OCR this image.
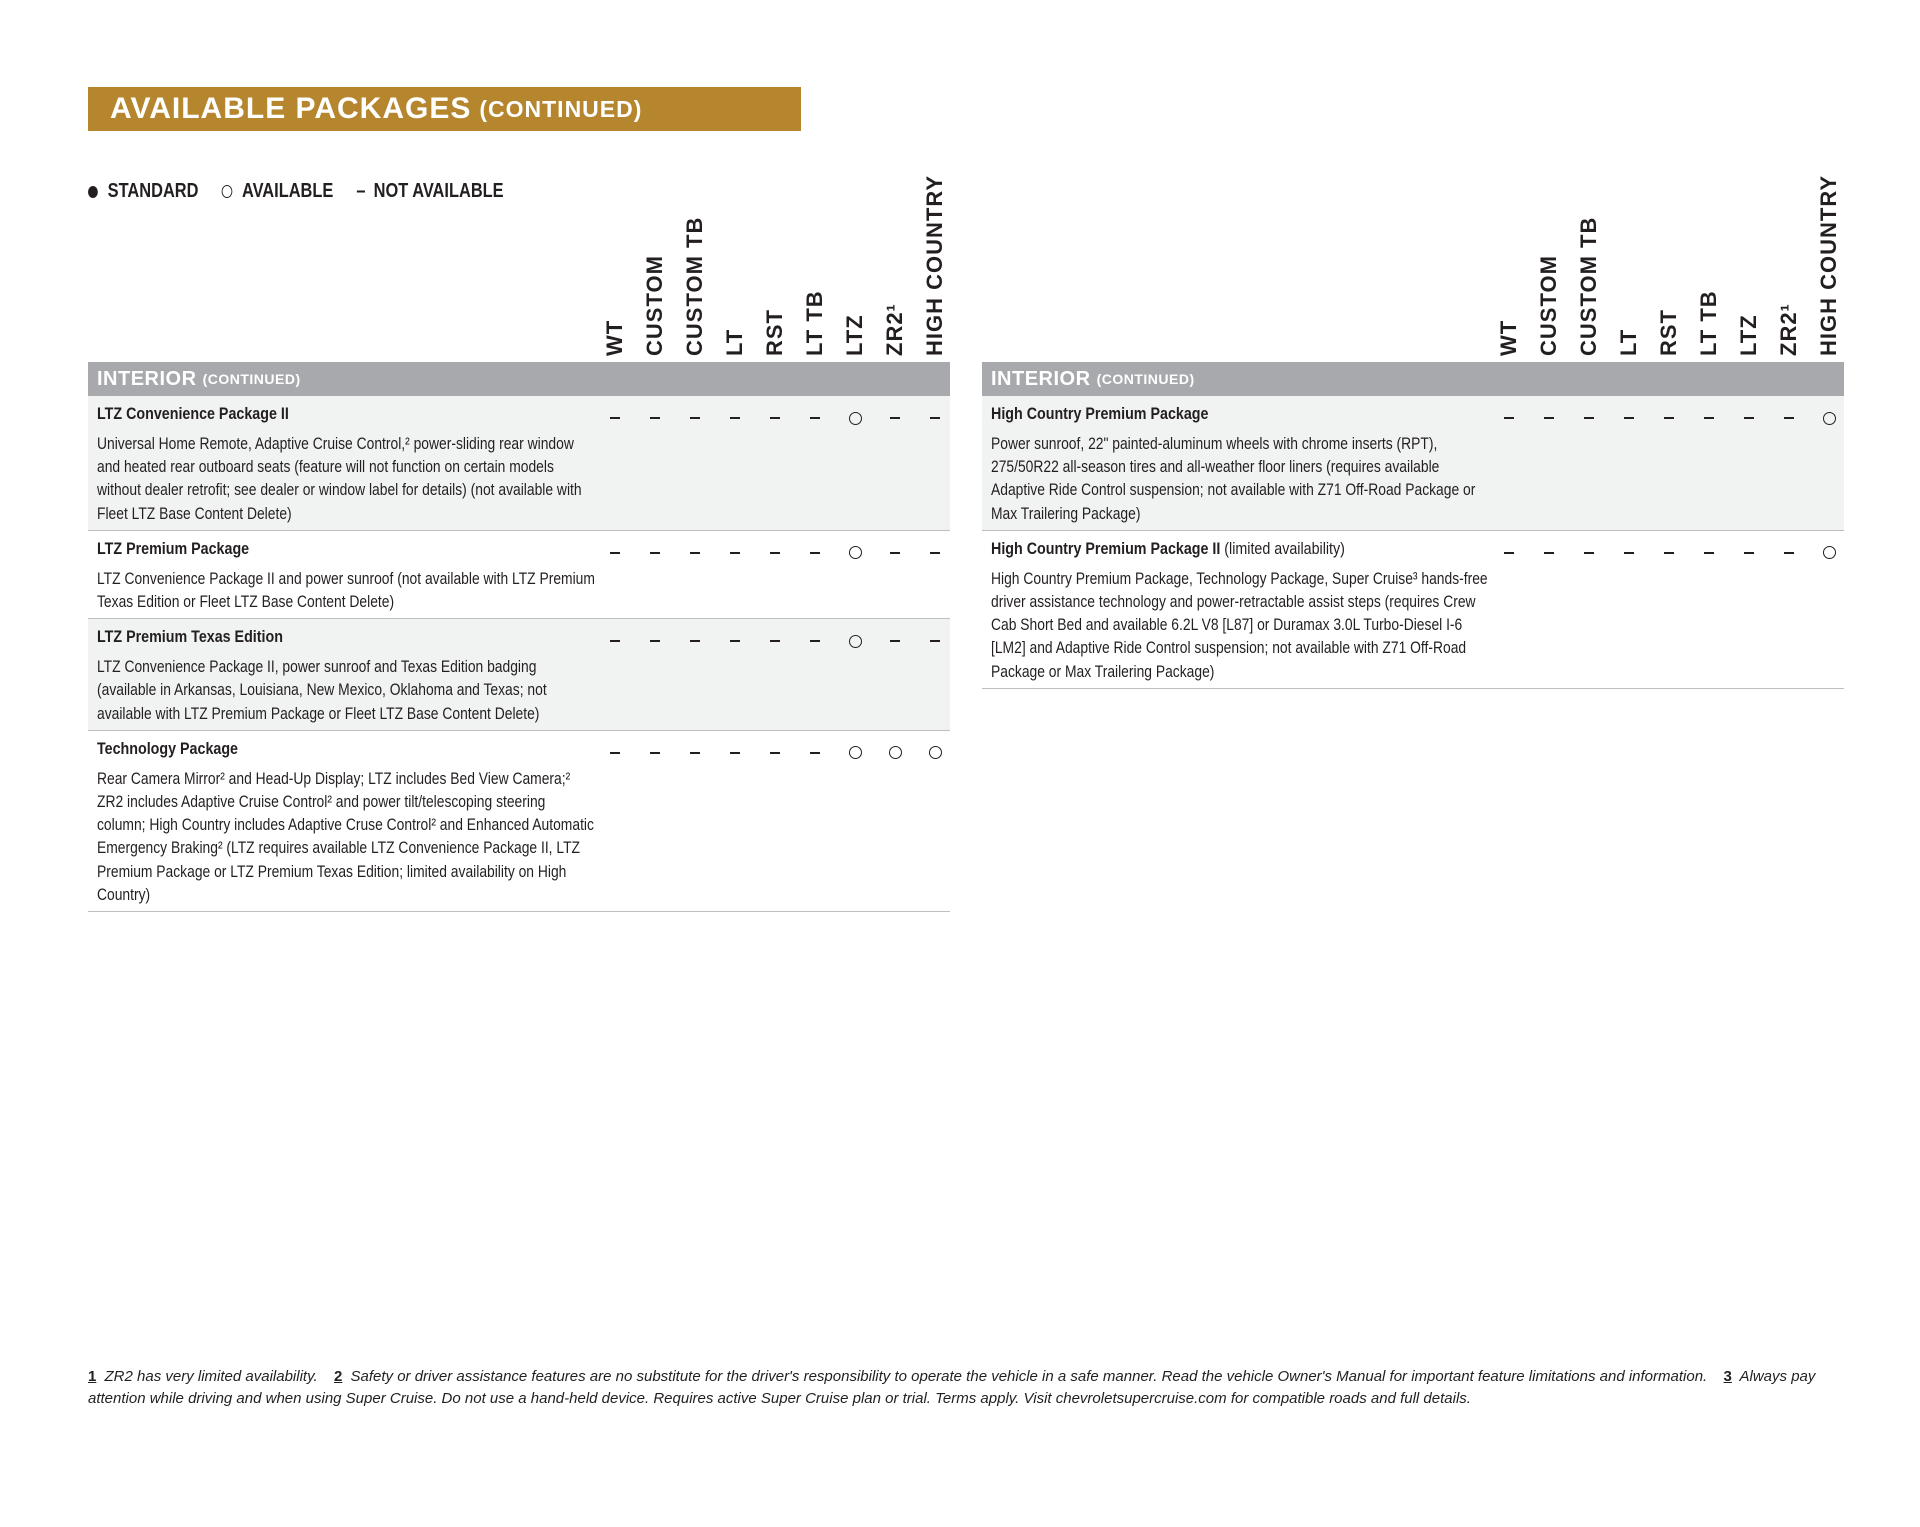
AVAILABLE PACKAGES (CONTINUED)
STANDARD AVAILABLE – NOT AVAILABLE
WT CUSTOM CUSTOM TB LT RST LT TB LTZ ZR2¹ HIGH COUNTRY
INTERIOR (CONTINUED)
LTZ Convenience Package II
Universal Home Remote, Adaptive Cruise Control,² power-sliding rear window and heated rear outboard seats (feature will not function on certain models without dealer retrofit; see dealer or window label for details) (not available with Fleet LTZ Base Content Delete)
LTZ Premium Package
LTZ Convenience Package II and power sunroof (not available with LTZ Premium Texas Edition or Fleet LTZ Base Content Delete)
LTZ Premium Texas Edition
LTZ Convenience Package II, power sunroof and Texas Edition badging (available in Arkansas, Louisiana, New Mexico, Oklahoma and Texas; not available with LTZ Premium Package or Fleet LTZ Base Content Delete)
Technology Package
Rear Camera Mirror² and Head-Up Display; LTZ includes Bed View Camera;² ZR2 includes Adaptive Cruise Control² and power tilt/telescoping steering column; High Country includes Adaptive Cruse Control² and Enhanced Automatic Emergency Braking² (LTZ requires available LTZ Convenience Package II, LTZ Premium Package or LTZ Premium Texas Edition; limited availability on High Country)
WT CUSTOM CUSTOM TB LT RST LT TB LTZ ZR2¹ HIGH COUNTRY
INTERIOR (CONTINUED)
High Country Premium Package
Power sunroof, 22" painted-aluminum wheels with chrome inserts (RPT), 275/50R22 all-season tires and all-weather floor liners (requires available Adaptive Ride Control suspension; not available with Z71 Off-Road Package or Max Trailering Package)
High Country Premium Package II (limited availability)
High Country Premium Package, Technology Package, Super Cruise³ hands-free driver assistance technology and power-retractable assist steps (requires Crew Cab Short Bed and available 6.2L V8 [L87] or Duramax 3.0L Turbo-Diesel I-6 [LM2] and Adaptive Ride Control suspension; not available with Z71 Off-Road Package or Max Trailering Package)
1 ZR2 has very limited availability. 2 Safety or driver assistance features are no substitute for the driver's responsibility to operate the vehicle in a safe manner. Read the vehicle Owner's Manual for important feature limitations and information. 3 Always pay attention while driving and when using Super Cruise. Do not use a hand-held device. Requires active Super Cruise plan or trial. Terms apply. Visit chevroletsupercruise.com for compatible roads and full details.
